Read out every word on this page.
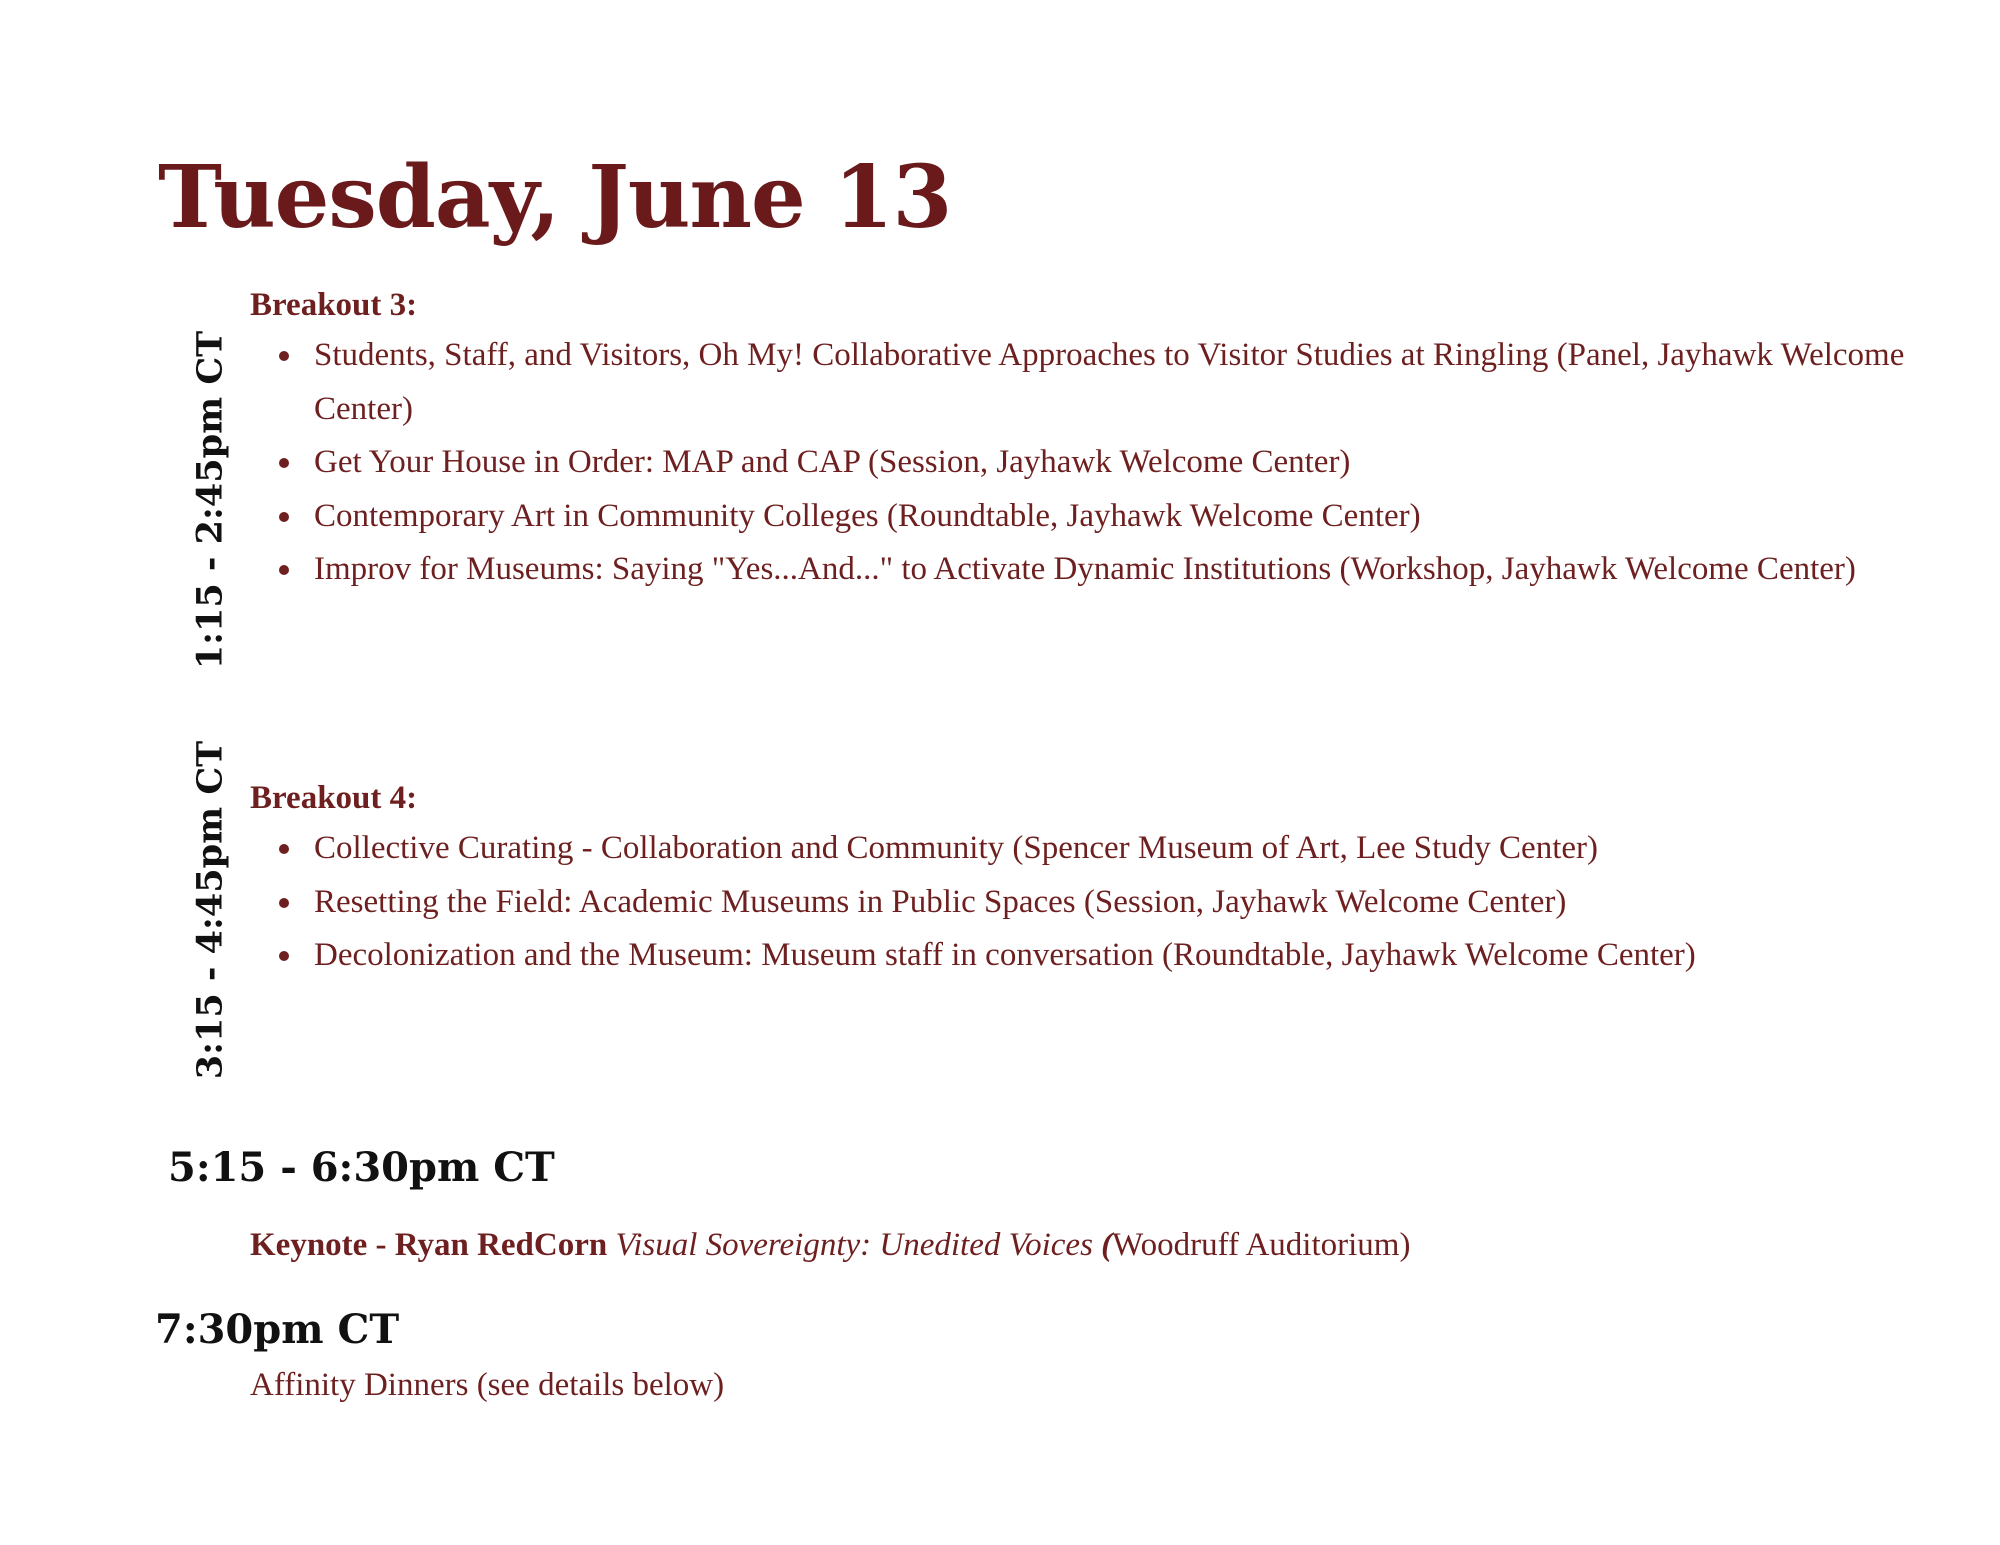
Tuesday, June 13
1:15 - 2:45pm CT
Breakout 3:
Students, Staff, and Visitors, Oh My! Collaborative Approaches to Visitor Studies at Ringling (Panel, Jayhawk Welcome Center)
Get Your House in Order: MAP and CAP (Session, Jayhawk Welcome Center)
Contemporary Art in Community Colleges (Roundtable, Jayhawk Welcome Center)
Improv for Museums: Saying "Yes...And..." to Activate Dynamic Institutions (Workshop, Jayhawk Welcome Center)
3:15 - 4:45pm CT Breakout 4:
Collective Curating - Collaboration and Community (Spencer Museum of Art, Lee Study Center)
Resetting the Field: Academic Museums in Public Spaces (Session, Jayhawk Welcome Center)
Decolonization and the Museum: Museum staff in conversation (Roundtable, Jayhawk Welcome Center)
5:15 - 6:30pm CT
Keynote - Ryan RedCorn Visual Sovereignty: Unedited Voices (Woodruff Auditorium)
7:30pm CT
Affinity Dinners (see details below)
